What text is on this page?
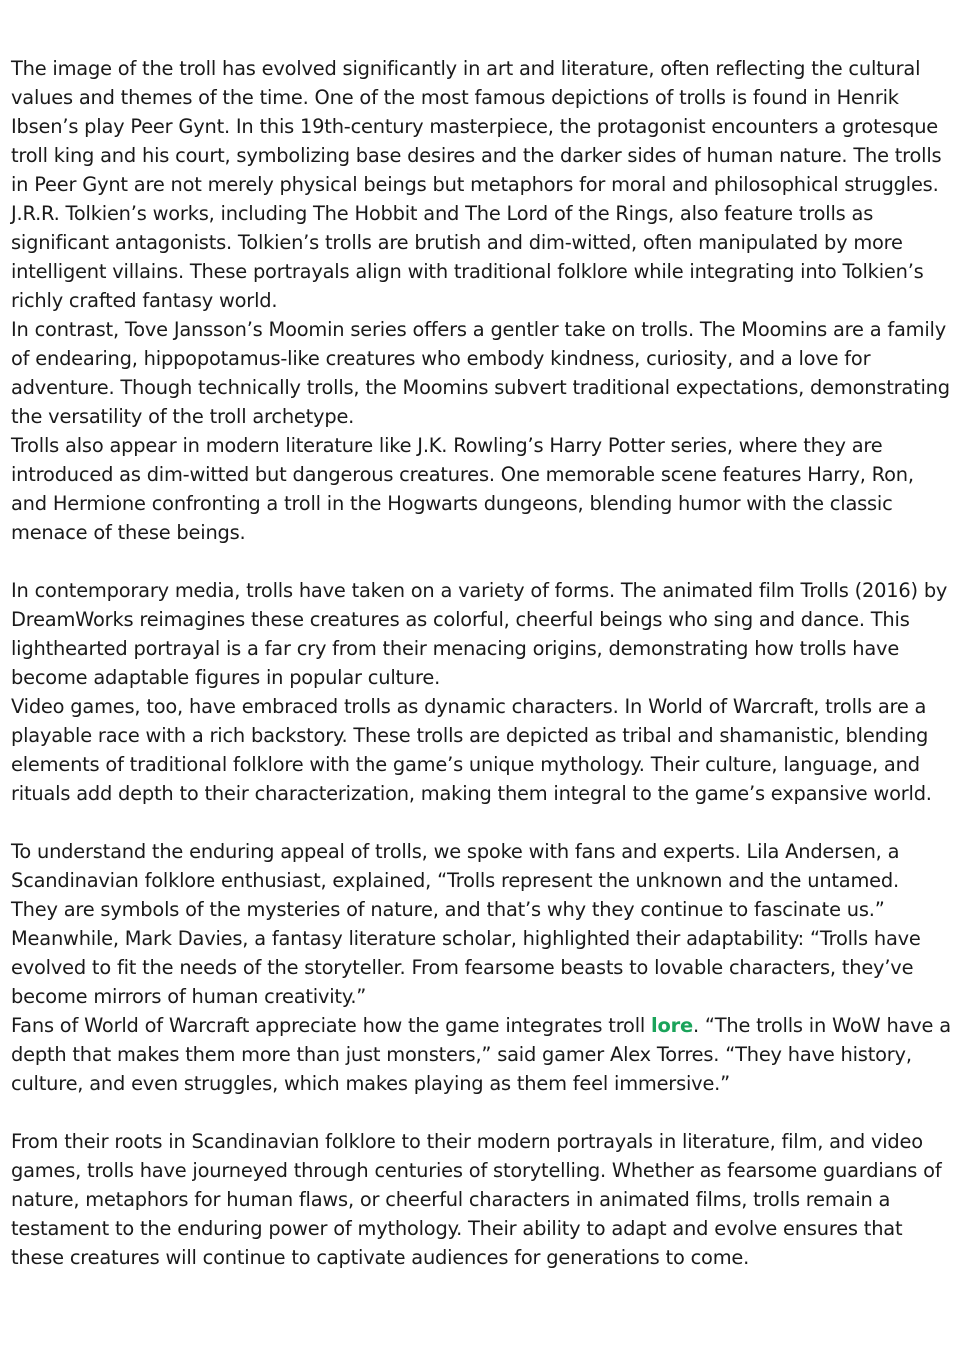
The image of the troll has evolved significantly in art and literature, often reflecting the cultural values and themes of the time. One of the most famous depictions of trolls is found in Henrik Ibsen’s play Peer Gynt. In this 19th-century masterpiece, the protagonist encounters a grotesque troll king and his court, symbolizing base desires and the darker sides of human nature. The trolls in Peer Gynt are not merely physical beings but metaphors for moral and philosophical struggles.

J.R.R. Tolkien’s works, including The Hobbit and The Lord of the Rings, also feature trolls as significant antagonists. Tolkien’s trolls are brutish and dim-witted, often manipulated by more intelligent villains. These portrayals align with traditional folklore while integrating into Tolkien’s richly crafted fantasy world.

In contrast, Tove Jansson’s Moomin series offers a gentler take on trolls. The Moomins are a family of endearing, hippopotamus-like creatures who embody kindness, curiosity, and a love for adventure. Though technically trolls, the Moomins subvert traditional expectations, demonstrating the versatility of the troll archetype.

Trolls also appear in modern literature like J.K. Rowling’s Harry Potter series, where they are introduced as dim-witted but dangerous creatures. One memorable scene features Harry, Ron, and Hermione confronting a troll in the Hogwarts dungeons, blending humor with the classic menace of these beings.

In contemporary media, trolls have taken on a variety of forms. The animated film Trolls (2016) by DreamWorks reimagines these creatures as colorful, cheerful beings who sing and dance. This lighthearted portrayal is a far cry from their menacing origins, demonstrating how trolls have become adaptable figures in popular culture.

Video games, too, have embraced trolls as dynamic characters. In World of Warcraft, trolls are a playable race with a rich backstory. These trolls are depicted as tribal and shamanistic, blending elements of traditional folklore with the game’s unique mythology. Their culture, language, and rituals add depth to their characterization, making them integral to the game’s expansive world.

To understand the enduring appeal of trolls, we spoke with fans and experts. Lila Andersen, a Scandinavian folklore enthusiast, explained, “Trolls represent the unknown and the untamed. They are symbols of the mysteries of nature, and that’s why they continue to fascinate us.”

Meanwhile, Mark Davies, a fantasy literature scholar, highlighted their adaptability: “Trolls have evolved to fit the needs of the storyteller. From fearsome beasts to lovable characters, they’ve become mirrors of human creativity.”

Fans of World of Warcraft appreciate how the game integrates troll lore. “The trolls in WoW have a depth that makes them more than just monsters,” said gamer Alex Torres. “They have history, culture, and even struggles, which makes playing as them feel immersive.”

From their roots in Scandinavian folklore to their modern portrayals in literature, film, and video games, trolls have journeyed through centuries of storytelling. Whether as fearsome guardians of nature, metaphors for human flaws, or cheerful characters in animated films, trolls remain a testament to the enduring power of mythology. Their ability to adapt and evolve ensures that these creatures will continue to captivate audiences for generations to come.
